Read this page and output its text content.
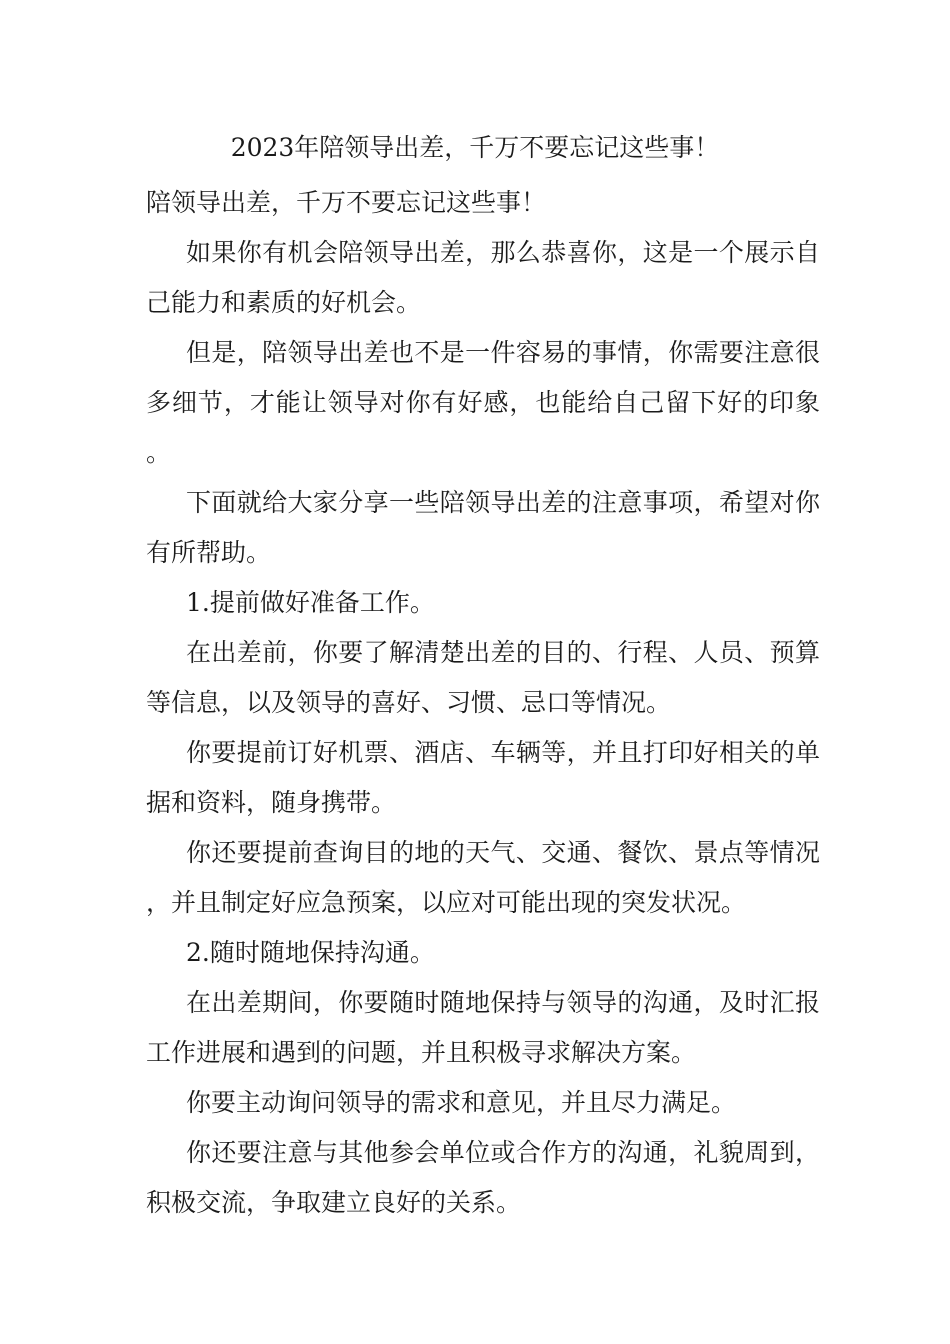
2023年陪领导出差，千万不要忘记这些事！

陪领导出差，千万不要忘记这些事！

如果你有机会陪领导出差，那么恭喜你，这是一个展示自己能力和素质的好机会。

但是，陪领导出差也不是一件容易的事情，你需要注意很多细节，才能让领导对你有好感，也能给自己留下好的印象。

下面就给大家分享一些陪领导出差的注意事项，希望对你有所帮助。

1.提前做好准备工作。

在出差前，你要了解清楚出差的目的、行程、人员、预算等信息，以及领导的喜好、习惯、忌口等情况。

你要提前订好机票、酒店、车辆等，并且打印好相关的单据和资料，随身携带。

你还要提前查询目的地的天气、交通、餐饮、景点等情况，并且制定好应急预案，以应对可能出现的突发状况。

2.随时随地保持沟通。

在出差期间，你要随时随地保持与领导的沟通，及时汇报工作进展和遇到的问题，并且积极寻求解决方案。

你要主动询问领导的需求和意见，并且尽力满足。

你还要注意与其他参会单位或合作方的沟通，礼貌周到，积极交流，争取建立良好的关系。
